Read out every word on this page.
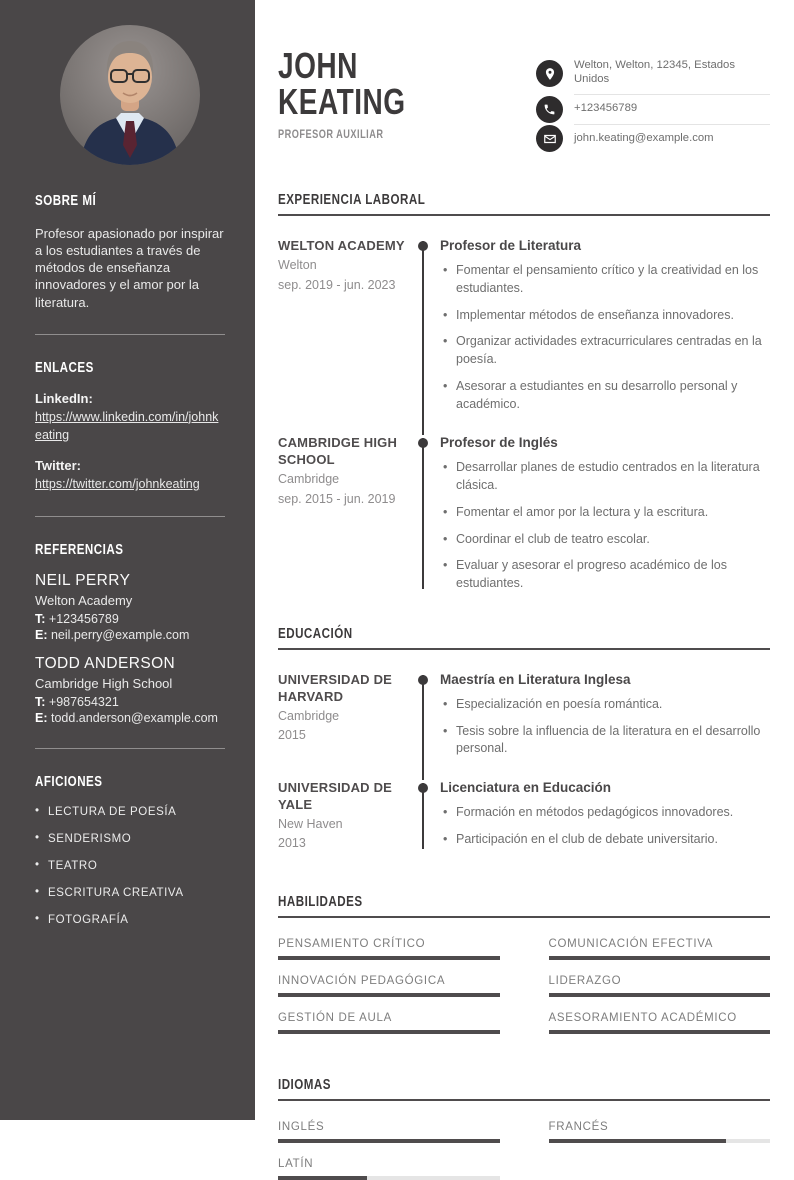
SOBRE MÍ

Profesor apasionado por inspirar a los estudiantes a través de métodos de enseñanza innovadores y el amor por la literatura.

ENLACES
LinkedIn:
https://www.linkedin.com/in/johnkeating
Twitter:
https://twitter.com/johnkeating
REFERENCIAS
NEIL PERRY
Welton Academy
T: +123456789
E: neil.perry@example.com
TODD ANDERSON
Cambridge High School
T: +987654321
E: todd.anderson@example.com
AFICIONES
• LECTURA DE POESÍA
• SENDERISMO
• TEATRO
• ESCRITURA CREATIVA
• FOTOGRAFÍA
JOHN
KEATING
PROFESOR AUXILIAR
Welton, Welton, 12345, Estados Unidos
+123456789
john.keating@example.com
EXPERIENCIA LABORAL
WELTON ACADEMY
Welton
sep. 2019 - jun. 2023
Profesor de Literatura
• Fomentar el pensamiento crítico y la creatividad en los estudiantes.
• Implementar métodos de enseñanza innovadores.
• Organizar actividades extracurriculares centradas en la poesía.
• Asesorar a estudiantes en su desarrollo personal y académico.
CAMBRIDGE HIGH SCHOOL
Cambridge
sep. 2015 - jun. 2019
Profesor de Inglés
• Desarrollar planes de estudio centrados en la literatura clásica.
• Fomentar el amor por la lectura y la escritura.
• Coordinar el club de teatro escolar.
• Evaluar y asesorar el progreso académico de los estudiantes.
EDUCACIÓN
UNIVERSIDAD DE HARVARD
Cambridge
2015
Maestría en Literatura Inglesa
• Especialización en poesía romántica.
• Tesis sobre la influencia de la literatura en el desarrollo personal.
UNIVERSIDAD DE YALE
New Haven
2013
Licenciatura en Educación
• Formación en métodos pedagógicos innovadores.
• Participación en el club de debate universitario.
HABILIDADES
PENSAMIENTO CRÍTICO	COMUNICACIÓN EFECTIVA
INNOVACIÓN PEDAGÓGICA	LIDERAZGO
GESTIÓN DE AULA	ASESORAMIENTO ACADÉMICO
IDIOMAS
INGLÉS	FRANCÉS
LATÍN
